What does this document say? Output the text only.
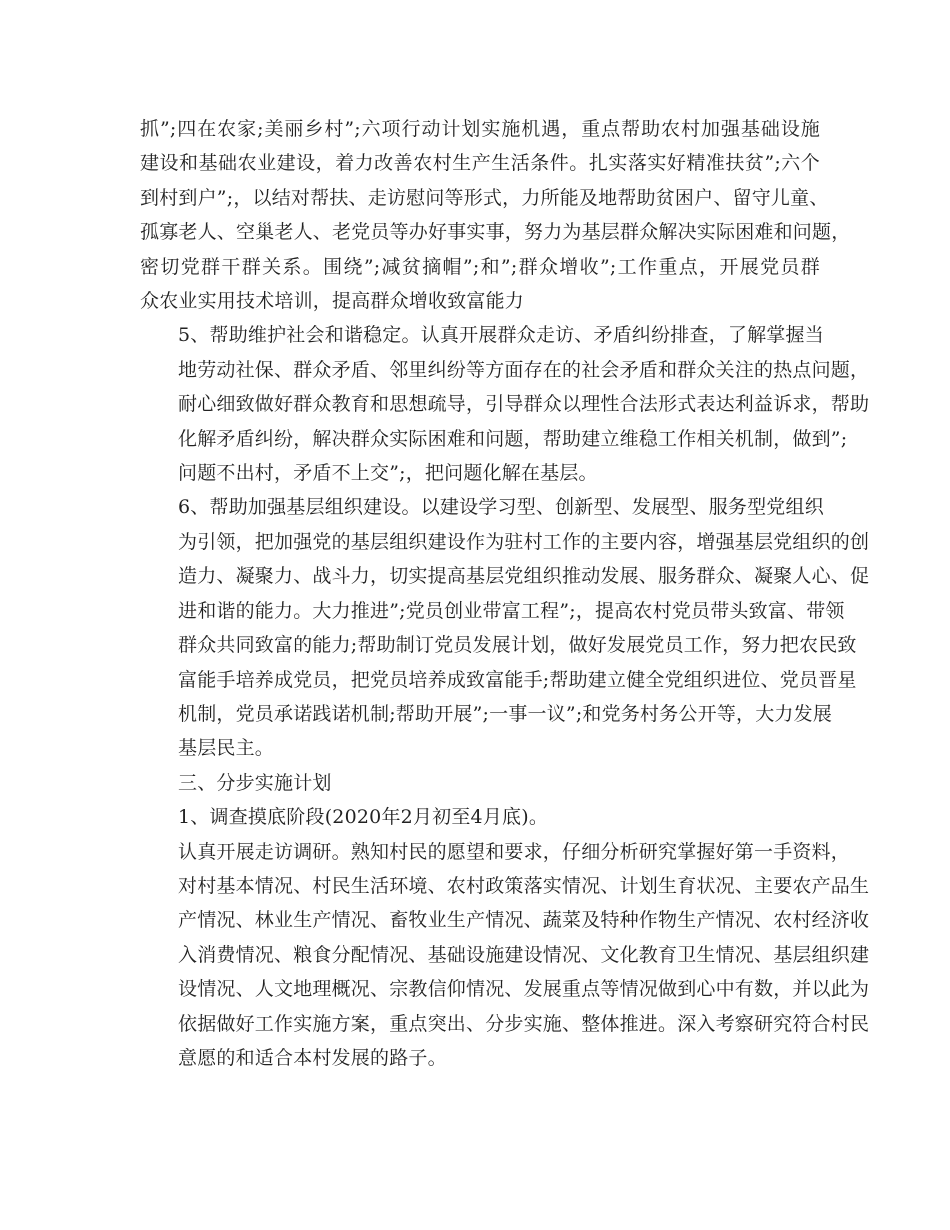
抓”;四在农家;美丽乡村”;六项行动计划实施机遇，重点帮助农村加强基础设施
建设和基础农业建设，着力改善农村生产生活条件。扎实落实好精准扶贫”;六个
到村到户”;，以结对帮扶、走访慰问等形式，力所能及地帮助贫困户、留守儿童、
孤寡老人、空巢老人、老党员等办好事实事，努力为基层群众解决实际困难和问题，
密切党群干群关系。围绕”;减贫摘帽”;和”;群众增收”;工作重点，开展党员群
众农业实用技术培训，提高群众增收致富能力
5、帮助维护社会和谐稳定。认真开展群众走访、矛盾纠纷排查，了解掌握当
地劳动社保、群众矛盾、邻里纠纷等方面存在的社会矛盾和群众关注的热点问题，
耐心细致做好群众教育和思想疏导，引导群众以理性合法形式表达利益诉求，帮助
化解矛盾纠纷，解决群众实际困难和问题，帮助建立维稳工作相关机制，做到”;
问题不出村，矛盾不上交”;，把问题化解在基层。
6、帮助加强基层组织建设。以建设学习型、创新型、发展型、服务型党组织
为引领，把加强党的基层组织建设作为驻村工作的主要内容，增强基层党组织的创
造力、凝聚力、战斗力，切实提高基层党组织推动发展、服务群众、凝聚人心、促
进和谐的能力。大力推进”;党员创业带富工程”;，提高农村党员带头致富、带领
群众共同致富的能力;帮助制订党员发展计划，做好发展党员工作，努力把农民致
富能手培养成党员，把党员培养成致富能手;帮助建立健全党组织进位、党员晋星
机制，党员承诺践诺机制;帮助开展”;一事一议”;和党务村务公开等，大力发展
基层民主。
三、分步实施计划
1、调查摸底阶段(2020年2月初至4月底)。
认真开展走访调研。熟知村民的愿望和要求，仔细分析研究掌握好第一手资料，
对村基本情况、村民生活环境、农村政策落实情况、计划生育状况、主要农产品生
产情况、林业生产情况、畜牧业生产情况、蔬菜及特种作物生产情况、农村经济收
入消费情况、粮食分配情况、基础设施建设情况、文化教育卫生情况、基层组织建
设情况、人文地理概况、宗教信仰情况、发展重点等情况做到心中有数，并以此为
依据做好工作实施方案，重点突出、分步实施、整体推进。深入考察研究符合村民
意愿的和适合本村发展的路子。
